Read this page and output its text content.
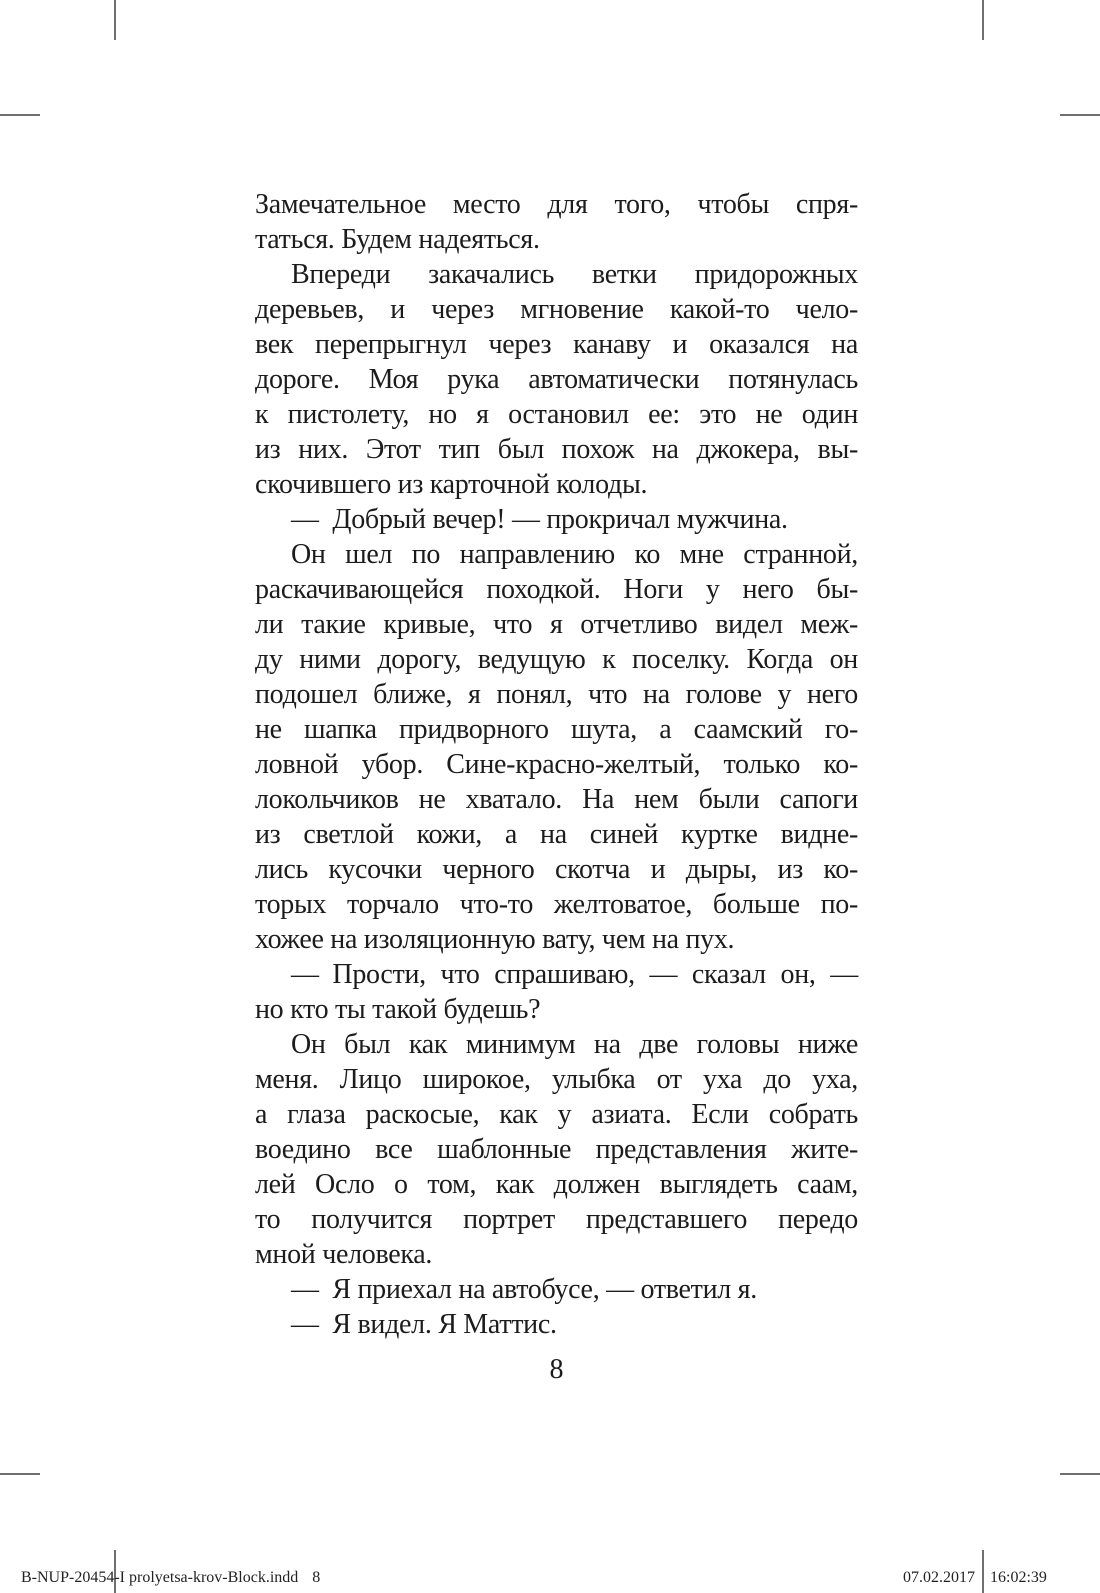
Замечательное место для того, чтобы спря-
таться. Будем надеяться.
Впереди закачались ветки придорожных
деревьев, и через мгновение какой-то чело-
век перепрыгнул через канаву и оказался на
дороге. Моя рука автоматически потянулась
к пистолету, но я остановил ее: это не один
из них. Этот тип был похож на джокера, вы-
скочившего из карточной колоды.
— Добрый вечер! — прокричал мужчина.
Он шел по направлению ко мне странной,
раскачивающейся походкой. Ноги у него бы-
ли такие кривые, что я отчетливо видел меж-
ду ними дорогу, ведущую к поселку. Когда он
подошел ближе, я понял, что на голове у него
не шапка придворного шута, а саамский го-
ловной убор. Сине-красно-желтый, только ко-
локольчиков не хватало. На нем были сапоги
из светлой кожи, а на синей куртке видне-
лись кусочки черного скотча и дыры, из ко-
торых торчало что-то желтоватое, больше по-
хожее на изоляционную вату, чем на пух.
— Прости, что спрашиваю, — сказал он, —
но кто ты такой будешь?
Он был как минимум на две головы ниже
меня. Лицо широкое, улыбка от уха до уха,
а глаза раскосые, как у азиата. Если собрать
воедино все шаблонные представления жите-
лей Осло о том, как должен выглядеть саам,
то получится портрет представшего передо
мной человека.
— Я приехал на автобусе, — ответил я.
— Я видел. Я Маттис.
8
B-NUP-20454-I prolyetsa-krov-Block.indd 8	07.02.2017 16:02:39
